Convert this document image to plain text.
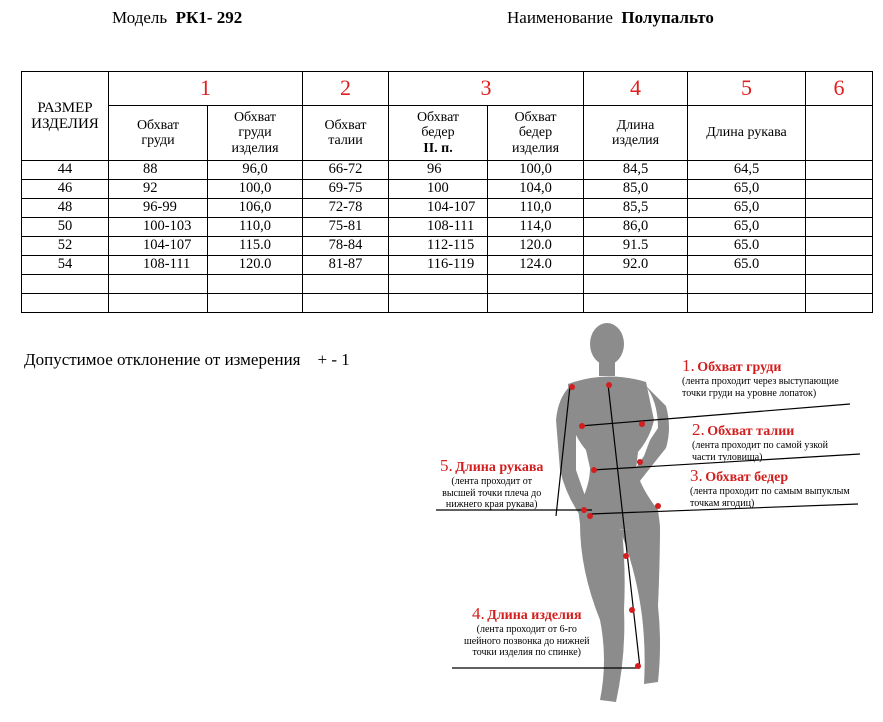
Модель РК1- 292	Наименование Полупальто
РАЗМЕР ИЗДЕЛИЯ	1		2	3		4	5	6
	Обхват груди	Обхват груди изделия	Обхват талии	Обхват бедер
II. п.	Обхват бедер изделия	Длина изделия	Длина рукава	
44	88	96,0	66-72	96	100,0	84,5	64,5	
46	92	100,0	69-75	100	104,0	85,0	65,0	
48	96-99	106,0	72-78	104-107	110,0	85,5	65,0	
50	100-103	110,0	75-81	108-111	114,0	86,0	65,0	
52	104-107	115.0	78-84	112-115	120.0	91.5	65.0	
54	108-111	120.0	81-87	116-119	124.0	92.0	65.0	

Допустимое отклонение от измерения + - 1	1. Обхват груди
(лента проходит через выступающие
точки груди на уровне лопаток)
2. Обхват талии
(лента проходит по самой узкой
части туловища)
3. Обхват бедер
(лента проходит по самым выпуклым
точкам ягодиц)
5. Длина рукава
(лента проходит от
высшей точки плеча до
нижнего края рукава)
4. Длина изделия
(лента проходит от 6-го
шейного позвонка до нижней
точки изделия по спинке)
